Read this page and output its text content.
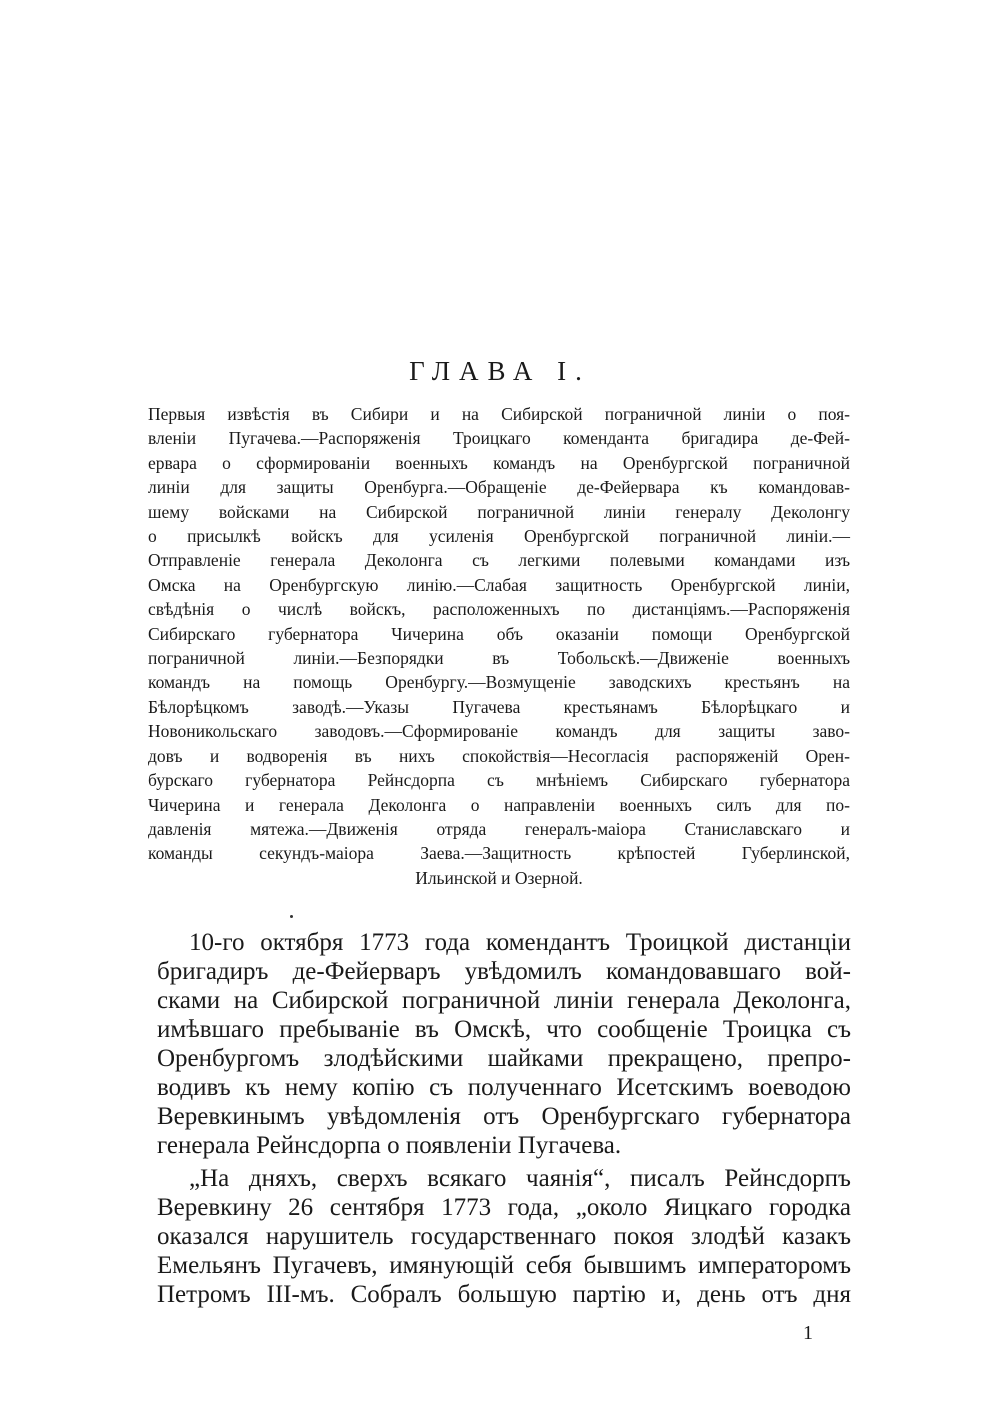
ГЛАВА I.
Первыя извѣстія въ Сибири и на Сибирской пограничной линіи о поя-
вленіи Пугачева.—Распоряженія Троицкаго коменданта бригадира де-Фей-
ервара о сформированіи военныхъ командъ на Оренбургской пограничной
линіи для защиты Оренбурга.—Обращеніе де-Фейервара къ командовав-
шему войсками на Сибирской пограничной линіи генералу Деколонгу
о присылкѣ войскъ для усиленія Оренбургской пограничной линіи.—
Отправленіе генерала Деколонга съ легкими полевыми командами изъ
Омска на Оренбургскую линію.—Слабая защитность Оренбургской линіи,
свѣдѣнія о числѣ войскъ, расположенныхъ по дистанціямъ.—Распоряженія
Сибирскаго губернатора Чичерина объ оказаніи помощи Оренбургской
пограничной линіи.—Безпорядки въ Тобольскѣ.—Движеніе военныхъ
командъ на помощь Оренбургу.—Возмущеніе заводскихъ крестьянъ на
Бѣлорѣцкомъ заводѣ.—Указы Пугачева крестьянамъ Бѣлорѣцкаго и
Новоникольскаго заводовъ.—Сформированіе командъ для защиты заво-
довъ и водворенія въ нихъ спокойствія—Несогласія распоряженій Орен-
бурскаго губернатора Рейнсдорпа съ мнѣніемъ Сибирскаго губернатора
Чичерина и генерала Деколонга о направленіи военныхъ силъ для по-
давленія мятежа.—Движенія отряда генералъ-маіора Станиславскаго и
команды секундъ-маіора Заева.—Защитность крѣпостей Губерлинской,
Ильинской и Озерной.
10-го октября 1773 года комендантъ Троицкой дистанціи
бригадиръ де-Фейерваръ увѣдомилъ командовавшаго вой-
сками на Сибирской пограничной линіи генерала Деколонга,
имѣвшаго пребываніе въ Омскѣ, что сообщеніе Троицка съ
Оренбургомъ злодѣйскими шайками прекращено, препро-
водивъ къ нему копію съ полученнаго Исетскимъ воеводою
Веревкинымъ увѣдомленія отъ Оренбургскаго губернатора
генерала Рейнсдорпа о появленіи Пугачева.
„На дняхъ, сверхъ всякаго чаянія“, писалъ Рейнсдорпъ
Веревкину 26 сентября 1773 года, „около Яицкаго городка
оказался нарушитель государственнаго покоя злодѣй казакъ
Емельянъ Пугачевъ, имянующій себя бывшимъ императоромъ
Петромъ III-мъ. Собралъ большую партію и, день отъ дня
1
